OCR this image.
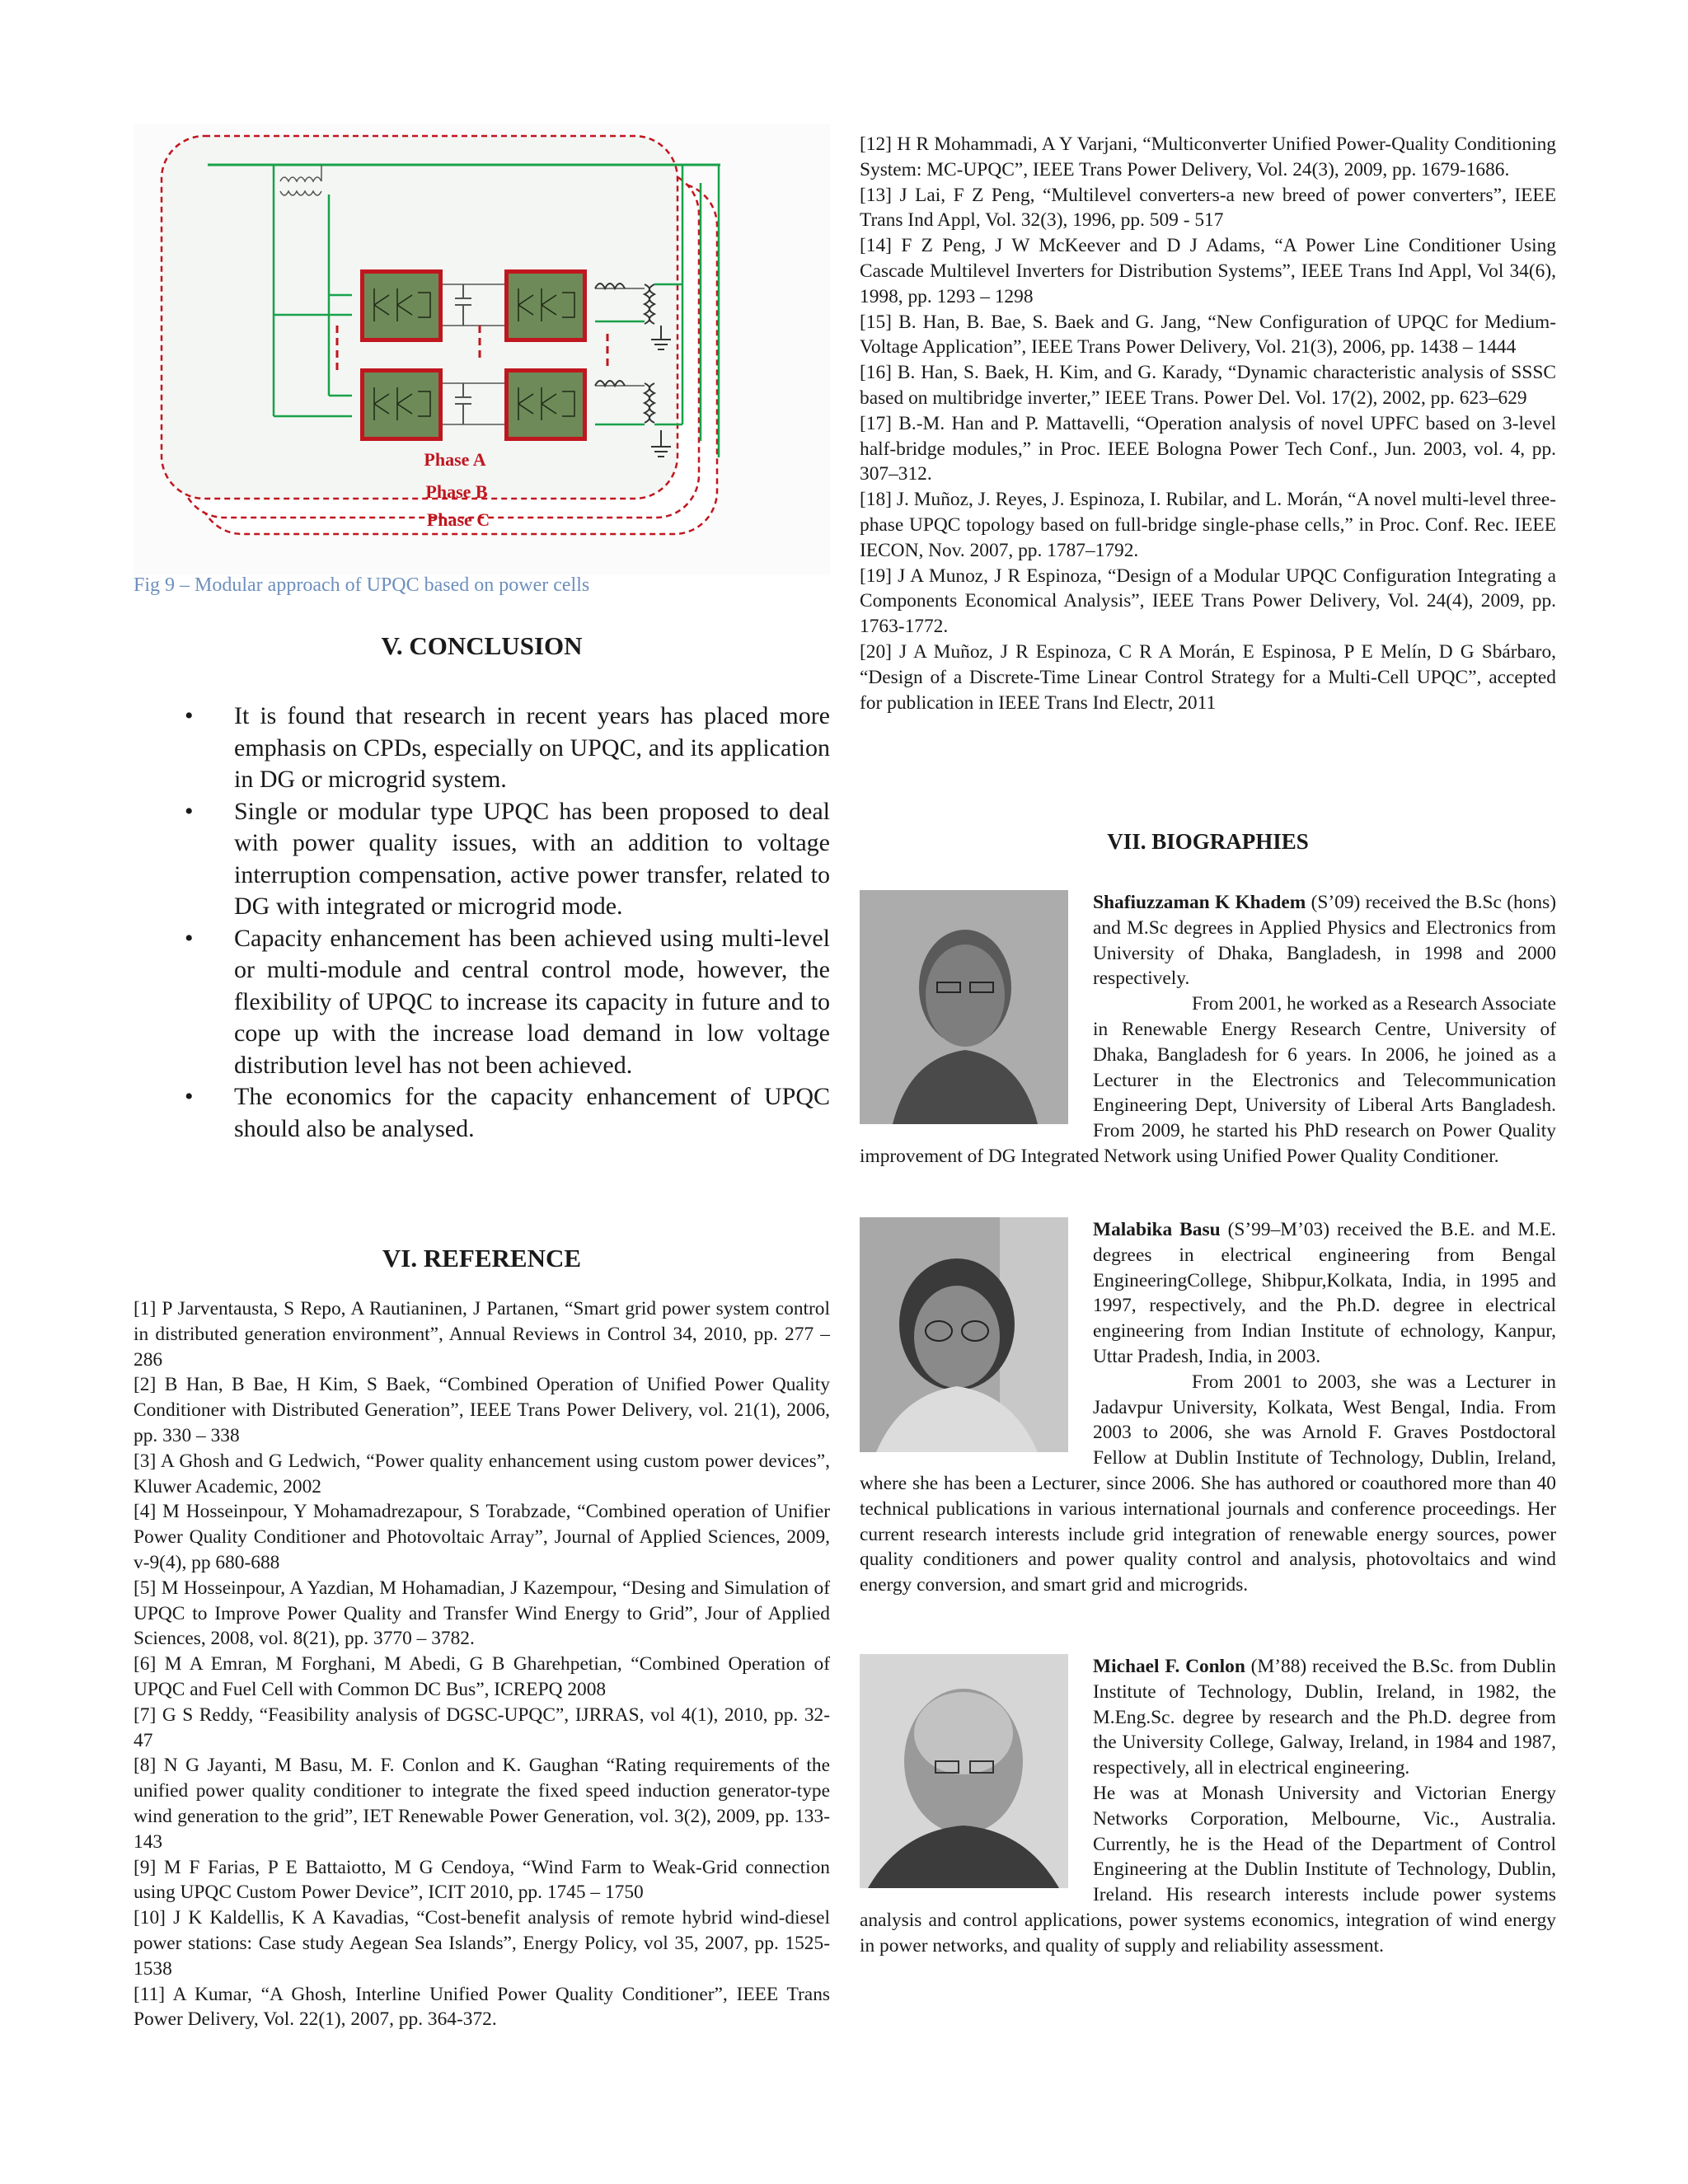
Phase A
Phase B
Phase C
Fig 9 – Modular approach of UPQC based on power cells
V. CONCLUSION
• It is found that research in recent years has placed more emphasis on CPDs, especially on UPQC, and its application in DG or microgrid system.
• Single or modular type UPQC has been proposed to deal with power quality issues, with an addition to voltage interruption compensation, active power transfer, related to DG with integrated or microgrid mode.
• Capacity enhancement has been achieved using multi-level or multi-module and central control mode, however, the flexibility of UPQC to increase its capacity in future and to cope up with the increase load demand in low voltage distribution level has not been achieved.
• The economics for the capacity enhancement of UPQC should also be analysed.
VI. REFERENCE

[1] P Jarventausta, S Repo, A Rautianinen, J Partanen, “Smart grid power system control in distributed generation environment”, Annual Reviews in Control 34, 2010, pp. 277 – 286

[2] B Han, B Bae, H Kim, S Baek, “Combined Operation of Unified Power Quality Conditioner with Distributed Generation”, IEEE Trans Power Delivery, vol. 21(1), 2006, pp. 330 – 338

[3] A Ghosh and G Ledwich, “Power quality enhancement using custom power devices”, Kluwer Academic, 2002

[4] M Hosseinpour, Y Mohamadrezapour, S Torabzade, “Combined operation of Unifier Power Quality Conditioner and Photovoltaic Array”, Journal of Applied Sciences, 2009, v-9(4), pp 680-688

[5] M Hosseinpour, A Yazdian, M Hohamadian, J Kazempour, “Desing and Simulation of UPQC to Improve Power Quality and Transfer Wind Energy to Grid”, Jour of Applied Sciences, 2008, vol. 8(21), pp. 3770 – 3782.

[6] M A Emran, M Forghani, M Abedi, G B Gharehpetian, “Combined Operation of UPQC and Fuel Cell with Common DC Bus”, ICREPQ 2008

[7] G S Reddy, “Feasibility analysis of DGSC-UPQC”, IJRRAS, vol 4(1), 2010, pp. 32-47

[8] N G Jayanti, M Basu, M. F. Conlon and K. Gaughan “Rating requirements of the unified power quality conditioner to integrate the fixed speed induction generator-type wind generation to the grid”, IET Renewable Power Generation, vol. 3(2), 2009, pp. 133-143

[9] M F Farias, P E Battaiotto, M G Cendoya, “Wind Farm to Weak-Grid connection using UPQC Custom Power Device”, ICIT 2010, pp. 1745 – 1750

[10] J K Kaldellis, K A Kavadias, “Cost-benefit analysis of remote hybrid wind-diesel power stations: Case study Aegean Sea Islands”, Energy Policy, vol 35, 2007, pp. 1525-1538

[11] A Kumar, “A Ghosh, Interline Unified Power Quality Conditioner”, IEEE Trans Power Delivery, Vol. 22(1), 2007, pp. 364-372.

[12] H R Mohammadi, A Y Varjani, “Multiconverter Unified Power-Quality Conditioning System: MC-UPQC”, IEEE Trans Power Delivery, Vol. 24(3), 2009, pp. 1679-1686.

[13] J Lai, F Z Peng, “Multilevel converters-a new breed of power converters”, IEEE Trans Ind Appl, Vol. 32(3), 1996, pp. 509 - 517

[14] F Z Peng, J W McKeever and D J Adams, “A Power Line Conditioner Using Cascade Multilevel Inverters for Distribution Systems”, IEEE Trans Ind Appl, Vol 34(6), 1998, pp. 1293 – 1298

[15] B. Han, B. Bae, S. Baek and G. Jang, “New Configuration of UPQC for Medium-Voltage Application”, IEEE Trans Power Delivery, Vol. 21(3), 2006, pp. 1438 – 1444

[16] B. Han, S. Baek, H. Kim, and G. Karady, “Dynamic characteristic analysis of SSSC based on multibridge inverter,” IEEE Trans. Power Del. Vol. 17(2), 2002, pp. 623–629

[17] B.-M. Han and P. Mattavelli, “Operation analysis of novel UPFC based on 3-level half-bridge modules,” in Proc. IEEE Bologna Power Tech Conf., Jun. 2003, vol. 4, pp. 307–312.

[18] J. Muñoz, J. Reyes, J. Espinoza, I. Rubilar, and L. Morán, “A novel multi-level three-phase UPQC topology based on full-bridge single-phase cells,” in Proc. Conf. Rec. IEEE IECON, Nov. 2007, pp. 1787–1792.

[19] J A Munoz, J R Espinoza, “Design of a Modular UPQC Configuration Integrating a Components Economical Analysis”, IEEE Trans Power Delivery, Vol. 24(4), 2009, pp. 1763-1772.

[20] J A Muñoz, J R Espinoza, C R A Morán, E Espinosa, P E Melín, D G Sbárbaro, “Design of a Discrete-Time Linear Control Strategy for a Multi-Cell UPQC”, accepted for publication in IEEE Trans Ind Electr, 2011

VII. BIOGRAPHIES

Shafiuzzaman K Khadem (S’09) received the B.Sc (hons) and M.Sc degrees in Applied Physics and Electronics from University of Dhaka, Bangladesh, in 1998 and 2000 respectively.

From 2001, he worked as a Research Associate in Renewable Energy Research Centre, University of Dhaka, Bangladesh for 6 years. In 2006, he joined as a Lecturer in the Electronics and Telecommunication Engineering Dept, University of Liberal Arts Bangladesh. From 2009, he started his PhD research on Power Quality improvement of DG Integrated Network using Unified Power Quality Conditioner.

Malabika Basu (S’99–M’03) received the B.E. and M.E. degrees in electrical engineering from Bengal EngineeringCollege, Shibpur,Kolkata, India, in 1995 and 1997, respectively, and the Ph.D. degree in electrical engineering from Indian Institute of echnology, Kanpur, Uttar Pradesh, India, in 2003.

From 2001 to 2003, she was a Lecturer in Jadavpur University, Kolkata, West Bengal, India. From 2003 to 2006, she was Arnold F. Graves Postdoctoral Fellow at Dublin Institute of Technology, Dublin, Ireland, where she has been a Lecturer, since 2006. She has authored or coauthored more than 40 technical publications in various international journals and conference proceedings. Her current research interests include grid integration of renewable energy sources, power quality conditioners and power quality control and analysis, photovoltaics and wind energy conversion, and smart grid and microgrids.

Michael F. Conlon (M’88) received the B.Sc. from Dublin Institute of Technology, Dublin, Ireland, in 1982, the M.Eng.Sc. degree by research and the Ph.D. degree from the University College, Galway, Ireland, in 1984 and 1987, respectively, all in electrical engineering.

He was at Monash University and Victorian Energy Networks Corporation, Melbourne, Vic., Australia. Currently, he is the Head of the Department of Control Engineering at the Dublin Institute of Technology, Dublin, Ireland. His research interests include power systems analysis and control applications, power systems economics, integration of wind energy in power networks, and quality of supply and reliability assessment.
